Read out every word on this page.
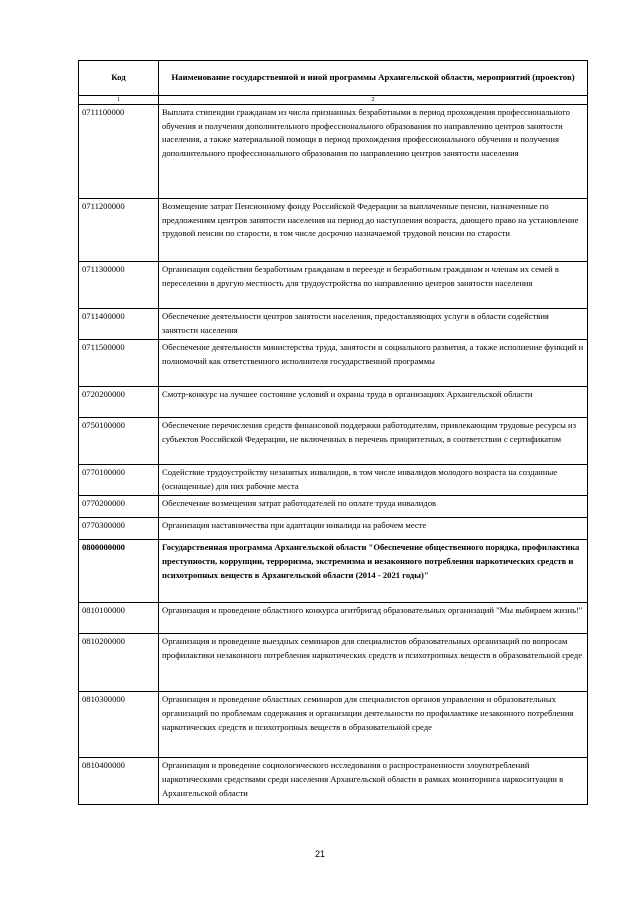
Код	Наименование государственной и иной программы Архангельской области, мероприятий (проектов)
1	2
0711100000	Выплата стипендии гражданам из числа признанных безработными в период прохождения профессионального обучения и получения дополнительного профессионального образования по направлению центров занятости населения, а также материальной помощи в период прохождения профессионального обучения и получения дополнительного профессионального образования по направлению центров занятости населения
0711200000	Возмещение затрат Пенсионному фонду Российской Федерации за выплаченные пенсии, назначенные по предложениям центров занятости населения на период до наступления возраста, дающего право на установление трудовой пенсии по старости, в том числе досрочно назначаемой трудовой пенсии по старости
0711300000	Организация содействия безработным гражданам в переезде и безработным гражданам и членам их семей в переселении в другую местность для трудоустройства по направлению центров занятости населения
0711400000	Обеспечение деятельности центров занятости населения, предоставляющих услуги в области содействия занятости населения
0711500000	Обеспечение деятельности министерства труда, занятости и социального развития, а также исполнение функций и полномочий как ответственного исполнителя государственной программы
0720200000	Смотр-конкурс на лучшее состояние условий и охраны труда в организациях Архангельской области
0750100000	Обеспечение перечисления средств финансовой поддержки работодателям, привлекающим трудовые ресурсы из субъектов Российской Федерации, не включенных в перечень приоритетных, в соответствии с сертификатом
0770100000	Содействие трудоустройству незанятых инвалидов, в том числе инвалидов молодого возраста на созданные (оснащенные) для них рабочие места
0770200000	Обеспечение возмещения затрат работодателей по оплате труда инвалидов
0770300000	Организация наставничества при адаптации инвалида на рабочем месте
0800000000	Государственная программа Архангельской области "Обеспечение общественного порядка, профилактика преступности, коррупции, терроризма, экстремизма и незаконного потребления наркотических средств и психотропных веществ в Архангельской области (2014 - 2021 годы)"
0810100000	Организация и проведение областного конкурса агитбригад образовательных организаций "Мы выбираем жизнь!"
0810200000	Организация и проведение выездных семинаров для специалистов образовательных организаций по вопросам профилактики незаконного потребления наркотических средств и психотропных веществ в образовательной среде
0810300000	Организация и проведение областных семинаров для специалистов органов управления и образовательных организаций по проблемам содержания и организации деятельности по профилактике незаконного потребления наркотических средств и психотропных веществ в образовательной среде
0810400000	Организация и проведение социологического исследования о распространенности злоупотреблений наркотическими средствами среди населения Архангельской области в рамках мониторинга наркоситуации в Архангельской области
21
